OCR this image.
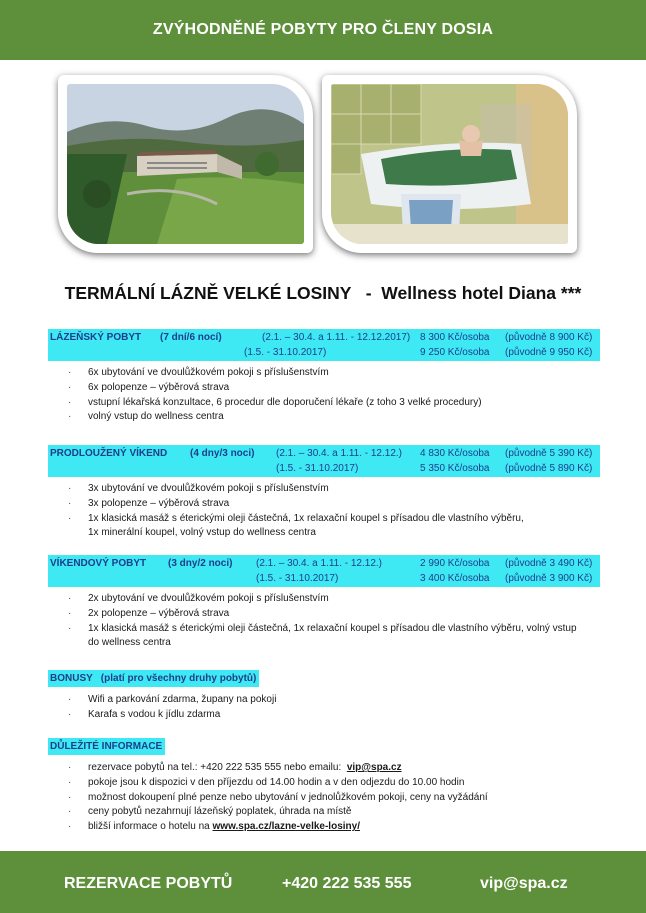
ZVÝHODNĚNÉ POBYTY PRO ČLENY DOSIA
TERMÁLNÍ LÁZNĚ VELKÉ LOSINY   -  Wellness hotel Diana ***
LÁZEŇSKÝ POBYT (7 dní/6 nocí)	(2.1. – 30.4. a 1.11. - 12.12.2017) 8 300 Kč/osoba (původně 8 900 Kč)
(1.5. - 31.10.2017)	9 250 Kč/osoba (původně 9 950 Kč)
· 6x ubytování ve dvoulůžkovém pokoji s příslušenstvím
· 6x polopenze – výběrová strava
· vstupní lékařská konzultace, 6 procedur dle doporučení lékaře (z toho 3 velké procedury)
· volný vstup do wellness centra
PRODLOUŽENÝ VÍKEND (4 dny/3 noci) (2.1. – 30.4. a 1.11. - 12.12.) 4 830 Kč/osoba (původně 5 390 Kč)
(1.5. - 31.10.2017)	5 350 Kč/osoba (původně 5 890 Kč)
· 3x ubytování ve dvoulůžkovém pokoji s příslušenstvím
· 3x polopenze – výběrová strava
· 1x klasická masáž s éterickými oleji částečná, 1x relaxační koupel s přísadou dle vlastního výběru,
1x minerální koupel, volný vstup do wellness centra
VÍKENDOVÝ POBYT (3 dny/2 noci) (2.1. – 30.4. a 1.11. - 12.12.)	2 990 Kč/osoba (původně 3 490 Kč)
(1.5. - 31.10.2017)	3 400 Kč/osoba (původně 3 900 Kč)
· 2x ubytování ve dvoulůžkovém pokoji s příslušenstvím
· 2x polopenze – výběrová strava
· 1x klasická masáž s éterickými oleji částečná, 1x relaxační koupel s přísadou dle vlastního výběru, volný vstup do wellness centra
BONUSY (platí pro všechny druhy pobytů)
· Wifi a parkování zdarma, župany na pokoji
· Karafa s vodou k jídlu zdarma
DŮLEŽITÉ INFORMACE
· rezervace pobytů na tel.: +420 222 535 555 nebo emailu: vip@spa.cz
· pokoje jsou k dispozici v den příjezdu od 14.00 hodin a v den odjezdu do 10.00 hodin
· možnost dokoupení plné penze nebo ubytování v jednolůžkovém pokoji, ceny na vyžádání
· ceny pobytů nezahrnují lázeňský poplatek, úhrada na místě
· bližší informace o hotelu na www.spa.cz/lazne-velke-losiny/
REZERVACE POBYTŮ	+420 222 535 555	vip@spa.cz
